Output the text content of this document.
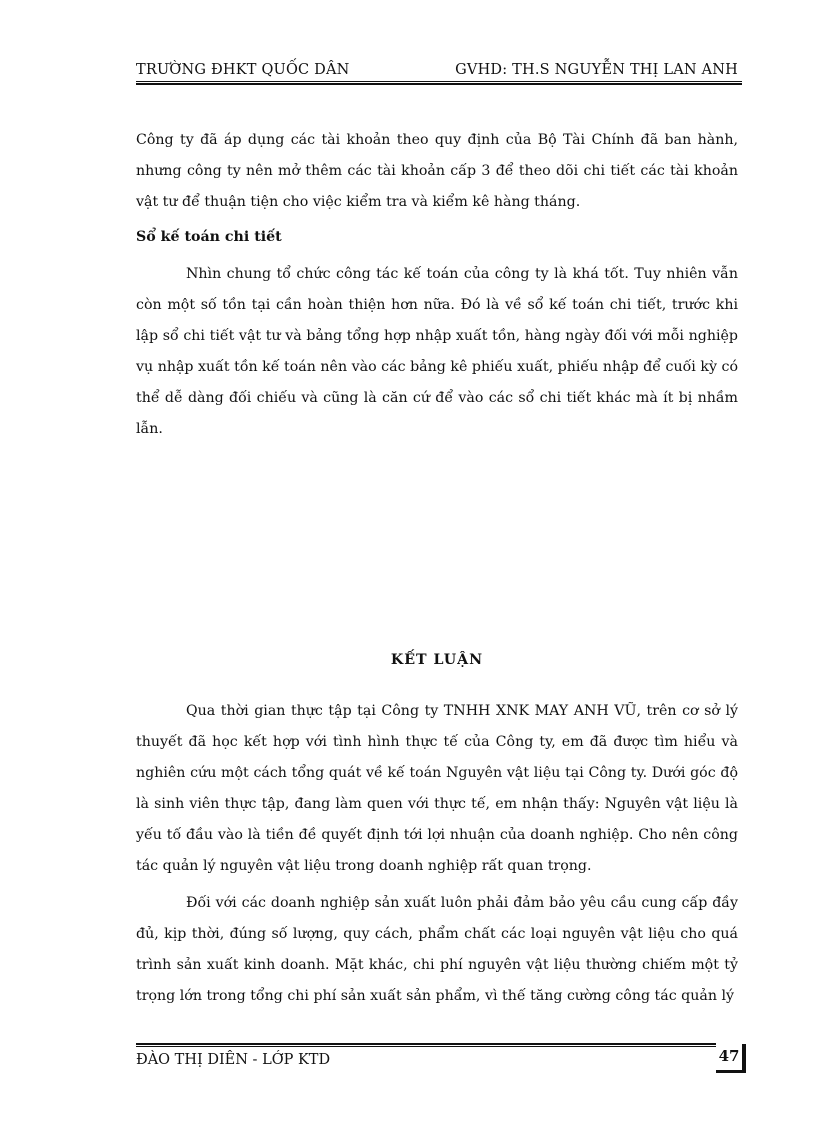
TRƯỜNG ĐHKT QUỐC DÂN	GVHD: TH.S NGUYỄN THỊ LAN ANH

Công ty đã áp dụng các tài khoản theo quy định của Bộ Tài Chính đã ban hành, nhưng công ty nên mở thêm các tài khoản cấp 3 để theo dõi chi tiết các tài khoản vật tư để thuận tiện cho việc kiểm tra và kiểm kê hàng tháng.

Sổ kế toán chi tiết

Nhìn chung tổ chức công tác kế toán của công ty là khá tốt. Tuy nhiên vẫn còn một số tồn tại cần hoàn thiện hơn nữa. Đó là về sổ kế toán chi tiết, trước khi lập sổ chi tiết vật tư và bảng tổng hợp nhập xuất tồn, hàng ngày đối với mỗi nghiệp vụ nhập xuất tồn kế toán nên vào các bảng kê phiếu xuất, phiếu nhập để cuối kỳ có thể dễ dàng đối chiếu và cũng là căn cứ để vào các sổ chi tiết khác mà ít bị nhầm lẫn.

KẾT LUẬN

Qua thời gian thực tập tại Công ty TNHH XNK MAY ANH VŨ, trên cơ sở lý thuyết đã học kết hợp với tình hình thực tế của Công ty, em đã được tìm hiểu và nghiên cứu một cách tổng quát về kế toán Nguyên vật liệu tại Công ty. Dưới góc độ là sinh viên thực tập, đang làm quen với thực tế, em nhận thấy: Nguyên vật liệu là yếu tố đầu vào là tiền đề quyết định tới lợi nhuận của doanh nghiệp. Cho nên công tác quản lý nguyên vật liệu trong doanh nghiệp rất quan trọng.

Đối với các doanh nghiệp sản xuất luôn phải đảm bảo yêu cầu cung cấp đầy đủ, kịp thời, đúng số lượng, quy cách, phẩm chất các loại nguyên vật liệu cho quá trình sản xuất kinh doanh. Mặt khác, chi phí nguyên vật liệu thường chiếm một tỷ trọng lớn trong tổng chi phí sản xuất sản phẩm, vì thế tăng cường công tác quản lý

ĐÀO THỊ DIÊN - LỚP KTD	47
